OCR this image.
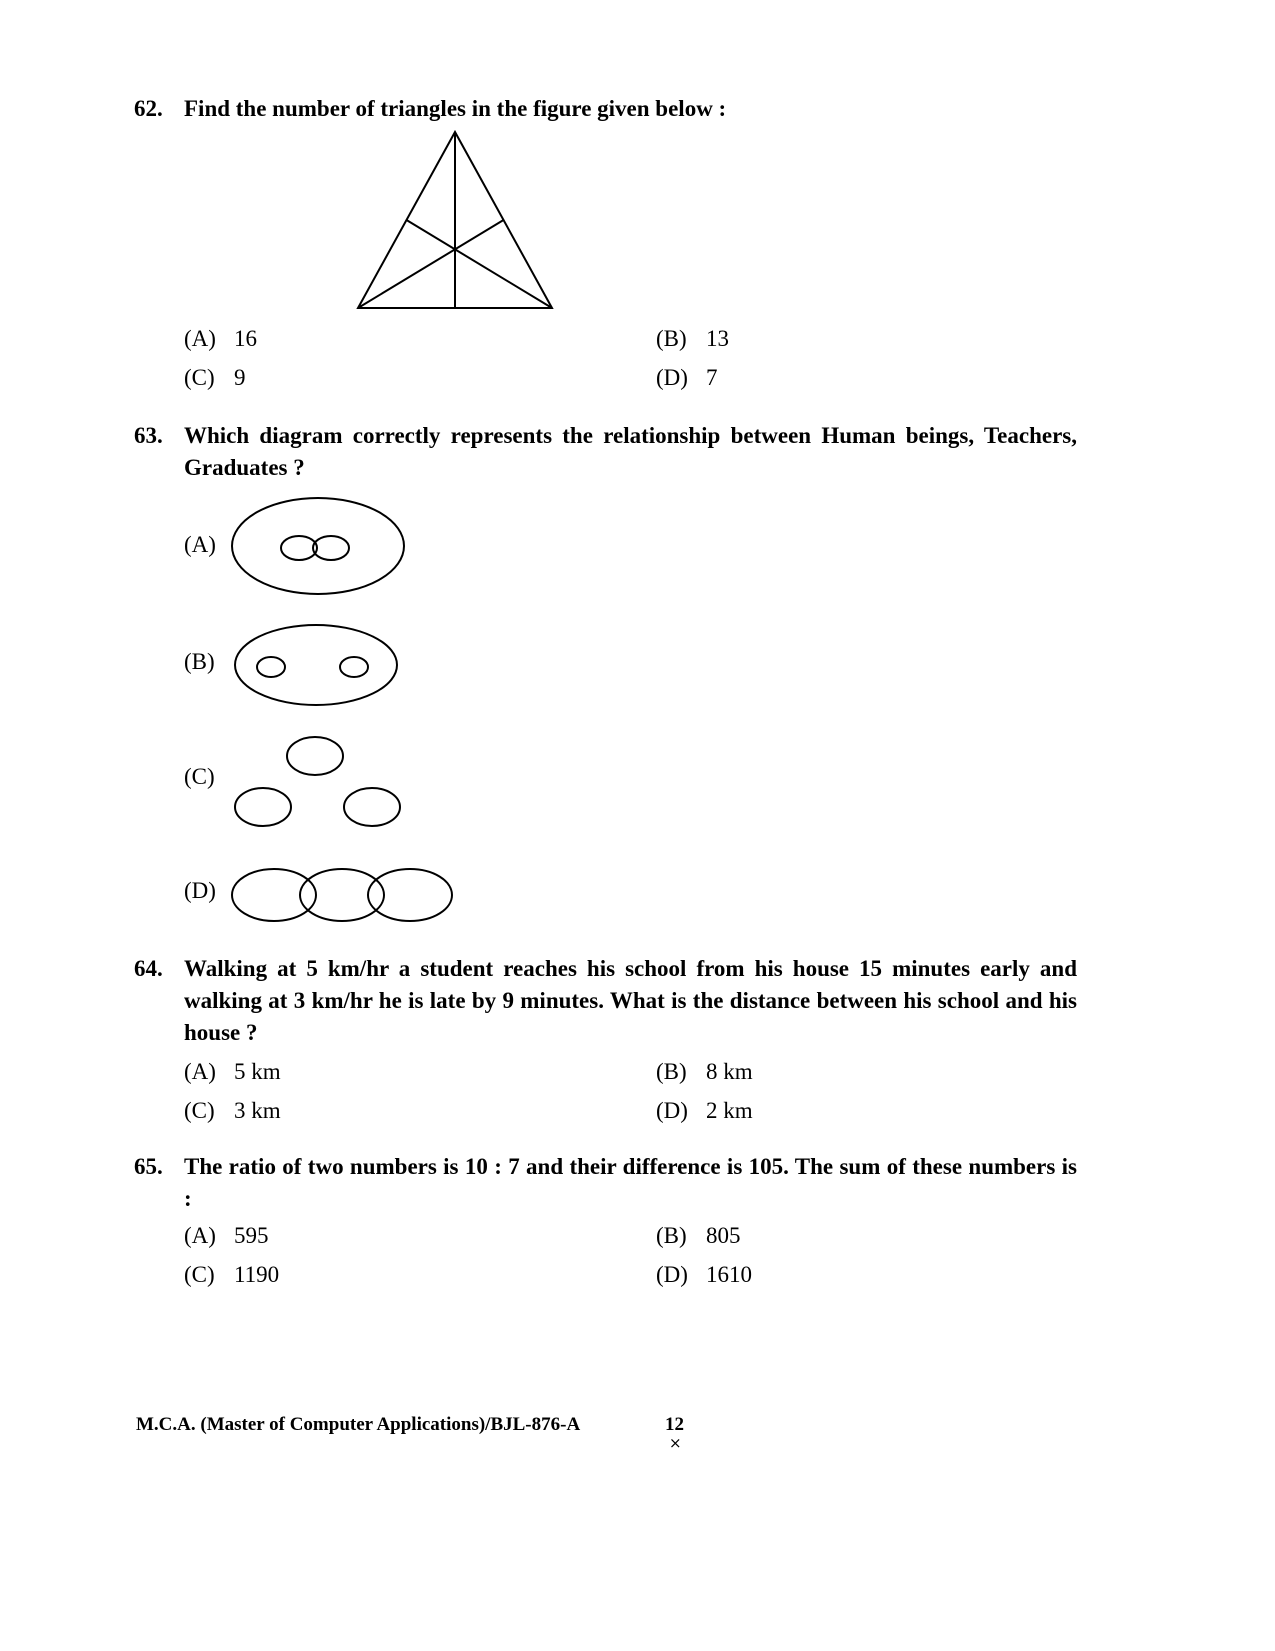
62. Find the number of triangles in the figure given below :
(A) 16	(B) 13
(C) 9	(D) 7
63. Which diagram correctly represents the relationship between Human beings, Teachers, Graduates ?
(A)
(B)
(C)
(D)
64. Walking at 5 km/hr a student reaches his school from his house 15 minutes early and walking at 3 km/hr he is late by 9 minutes. What is the distance between his school and his house ?
(A) 5 km	(B) 8 km
(C) 3 km	(D) 2 km
65. The ratio of two numbers is 10 : 7 and their difference is 105. The sum of these numbers is :
(A) 595	(B) 805
(C) 1190	(D) 1610
M.C.A. (Master of Computer Applications)/BJL-876-A	12
×
